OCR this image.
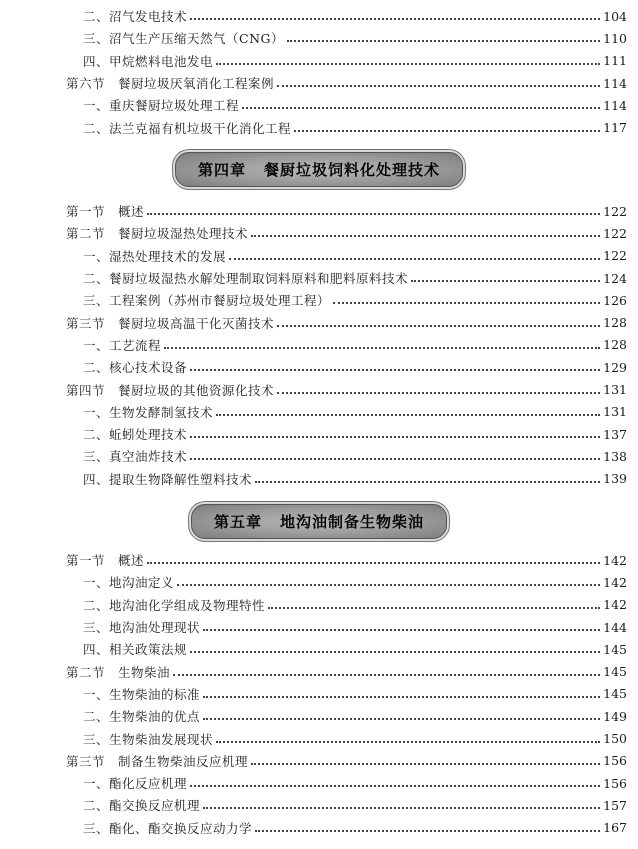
二、沼气发电技术	104
三、沼气生产压缩天然气（CNG）	110
四、甲烷燃料电池发电	111
第六节　餐厨垃圾厌氧消化工程案例	114
一、重庆餐厨垃圾处理工程	114
二、法兰克福有机垃圾干化消化工程	117
第四章 餐厨垃圾饲料化处理技术
第一节　概述	122
第二节　餐厨垃圾湿热处理技术	122
一、湿热处理技术的发展	122
二、餐厨垃圾湿热水解处理制取饲料原料和肥料原料技术	124
三、工程案例（苏州市餐厨垃圾处理工程）	126
第三节　餐厨垃圾高温干化灭菌技术	128
一、工艺流程	128
二、核心技术设备	129
第四节　餐厨垃圾的其他资源化技术	131
一、生物发酵制氢技术	131
二、蚯蚓处理技术	137
三、真空油炸技术	138
四、提取生物降解性塑料技术	139
第五章 地沟油制备生物柴油
第一节　概述	142
一、地沟油定义	142
二、地沟油化学组成及物理特性	142
三、地沟油处理现状	144
四、相关政策法规	145
第二节　生物柴油	145
一、生物柴油的标准	145
二、生物柴油的优点	149
三、生物柴油发展现状	150
第三节　制备生物柴油反应机理	156
一、酯化反应机理	156
二、酯交换反应机理	157
三、酯化、酯交换反应动力学	167
